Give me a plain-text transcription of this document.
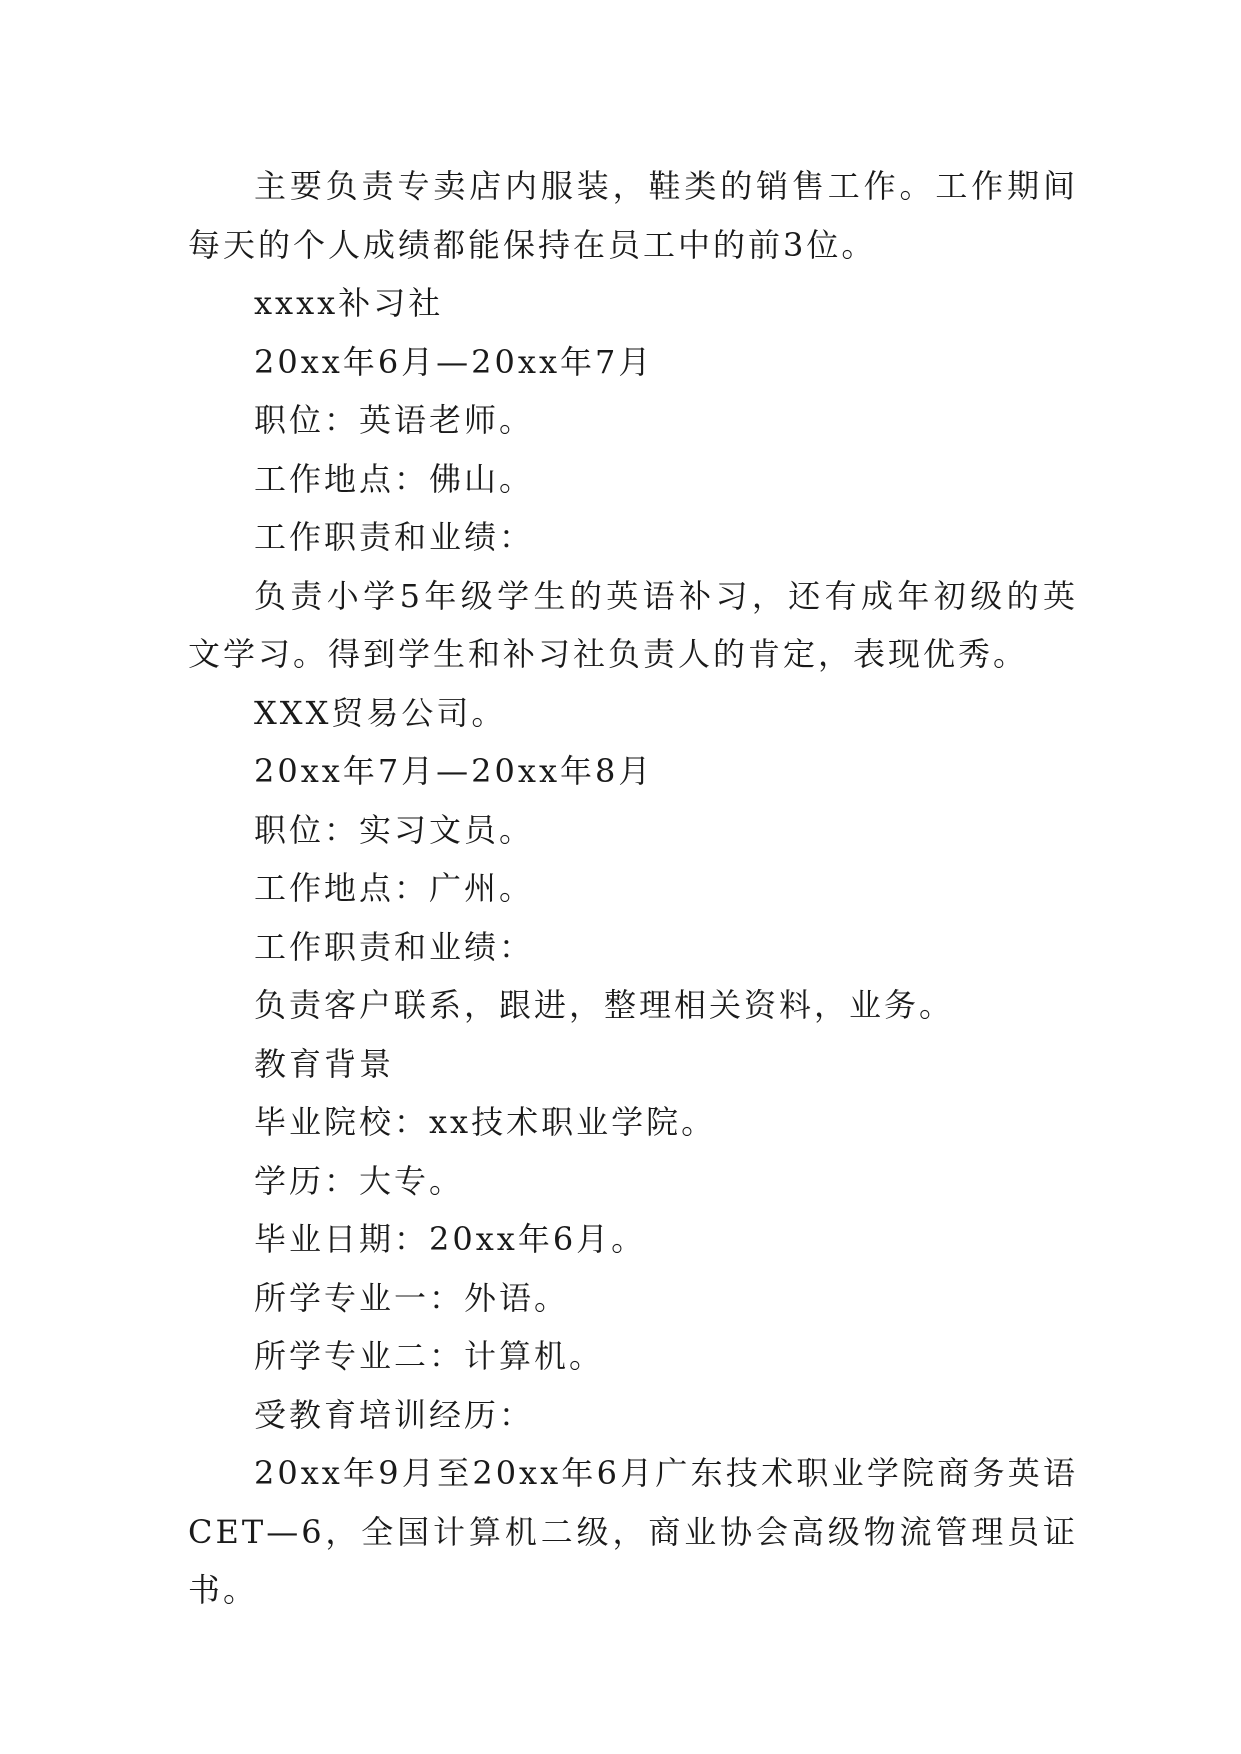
主要负责专卖店内服装，鞋类的销售工作。工作期间每天的个人成绩都能保持在员工中的前3位。

xxxx补习社

20xx年6月—20xx年7月

职位：英语老师。

工作地点：佛山。

工作职责和业绩：

负责小学5年级学生的英语补习，还有成年初级的英文学习。得到学生和补习社负责人的肯定，表现优秀。

XXX贸易公司。

20xx年7月—20xx年8月

职位：实习文员。

工作地点：广州。

工作职责和业绩：

负责客户联系，跟进，整理相关资料，业务。

教育背景

毕业院校：xx技术职业学院。

学历：大专。

毕业日期：20xx年6月。

所学专业一：外语。

所学专业二：计算机。

受教育培训经历：

20xx年9月至20xx年6月广东技术职业学院商务英语CET—6，全国计算机二级，商业协会高级物流管理员证书。
